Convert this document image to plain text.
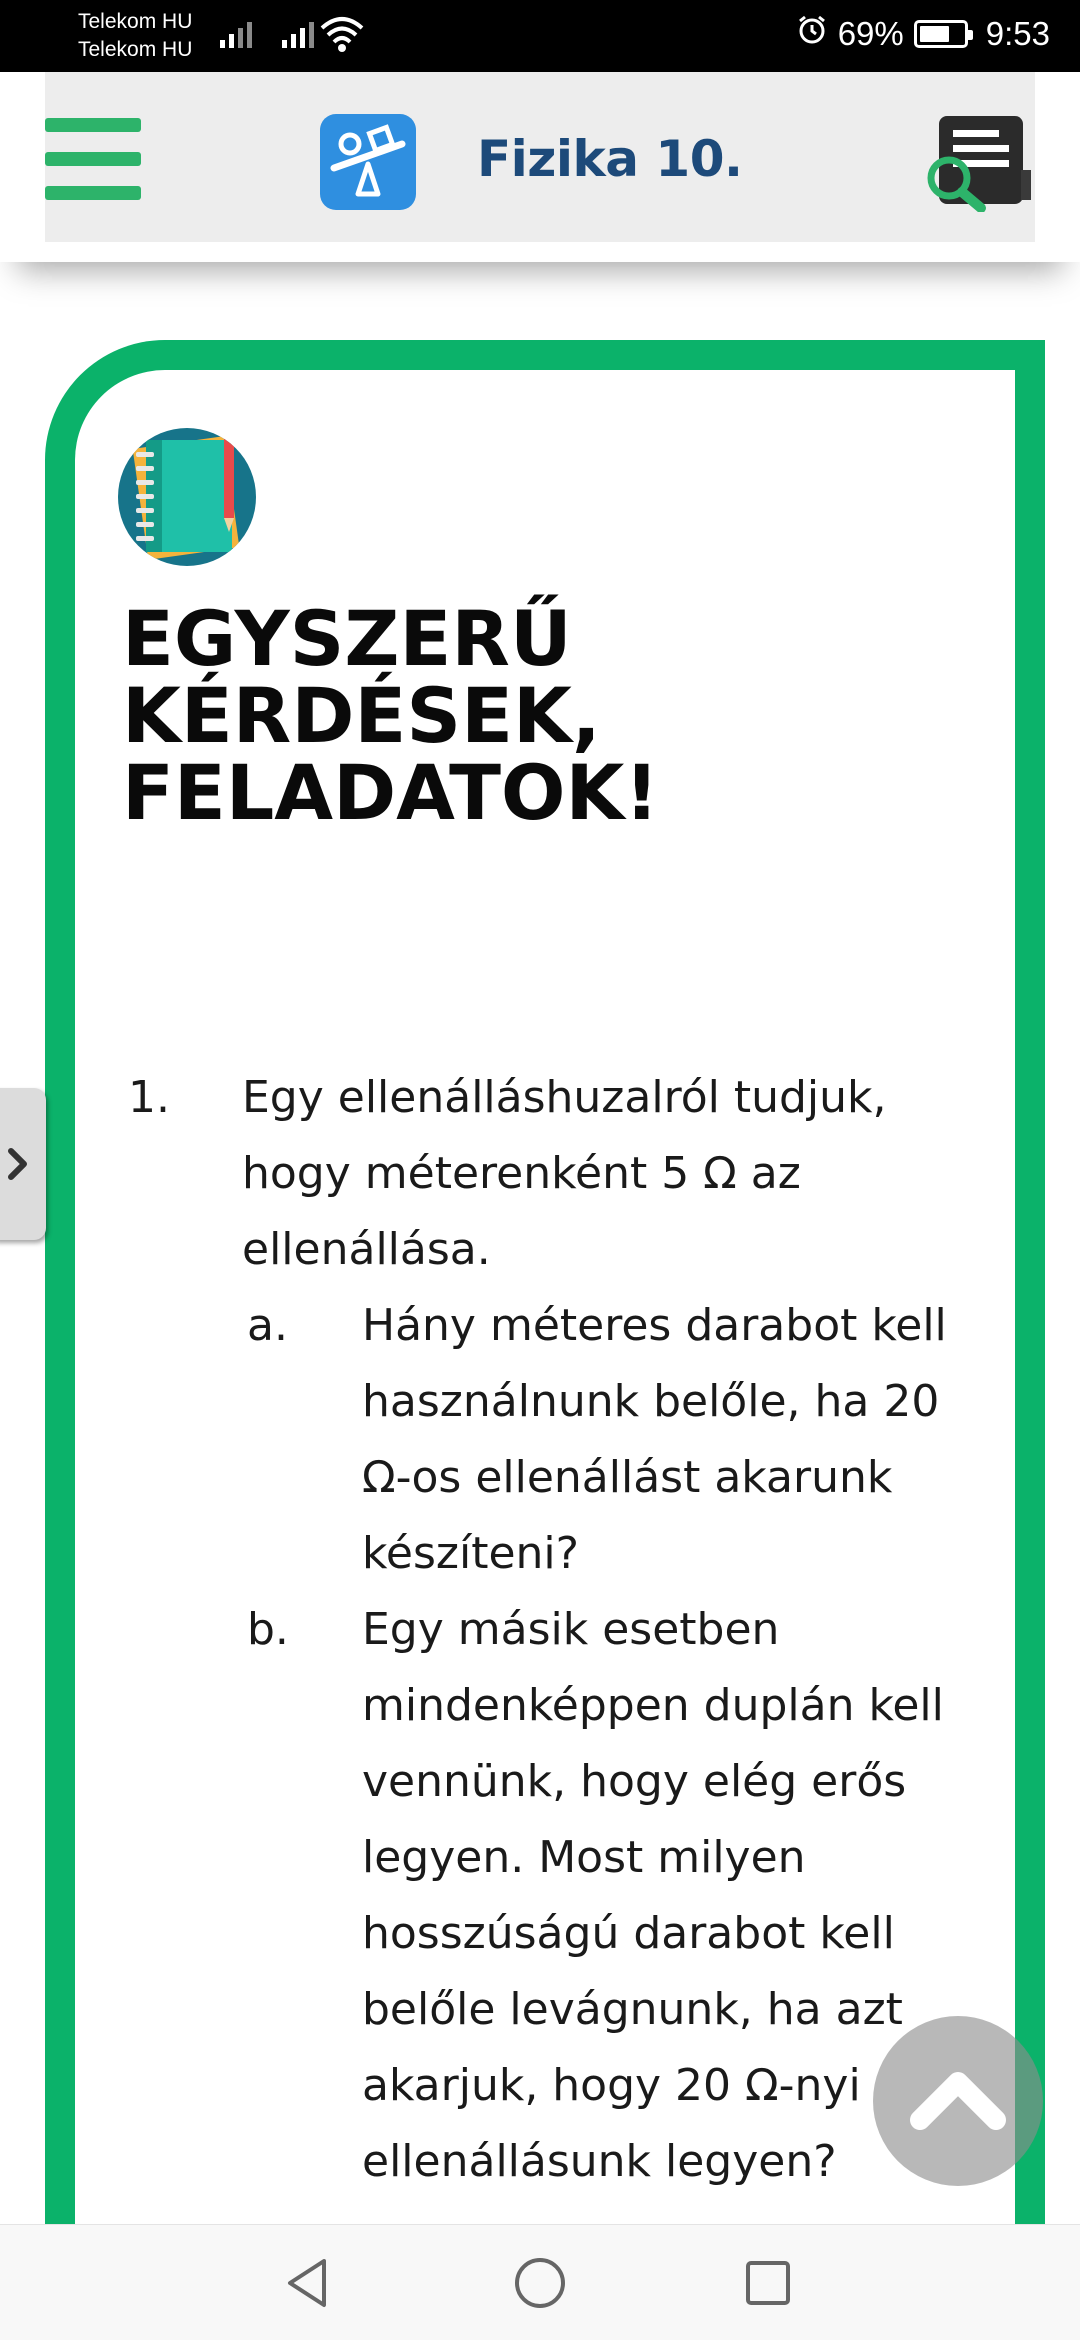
Telekom HU
Telekom HU	69% 9:53
Fizika 10.
EGYSZERŰ
KÉRDÉSEK,
FELADATOK!
1. Egy ellenálláshuzalról tudjuk, hogy méterenként 5 Ω az ellenállása.
a. Hány méteres darabot kell használnunk belőle, ha 20 Ω-os ellenállást akarunk készíteni?
b. Egy másik esetben mindenképpen duplán kell vennünk, hogy elég erős legyen. Most milyen hosszúságú darabot kell belőle levágnunk, ha azt akarjuk, hogy 20 Ω-nyi ellenállásunk legyen?
